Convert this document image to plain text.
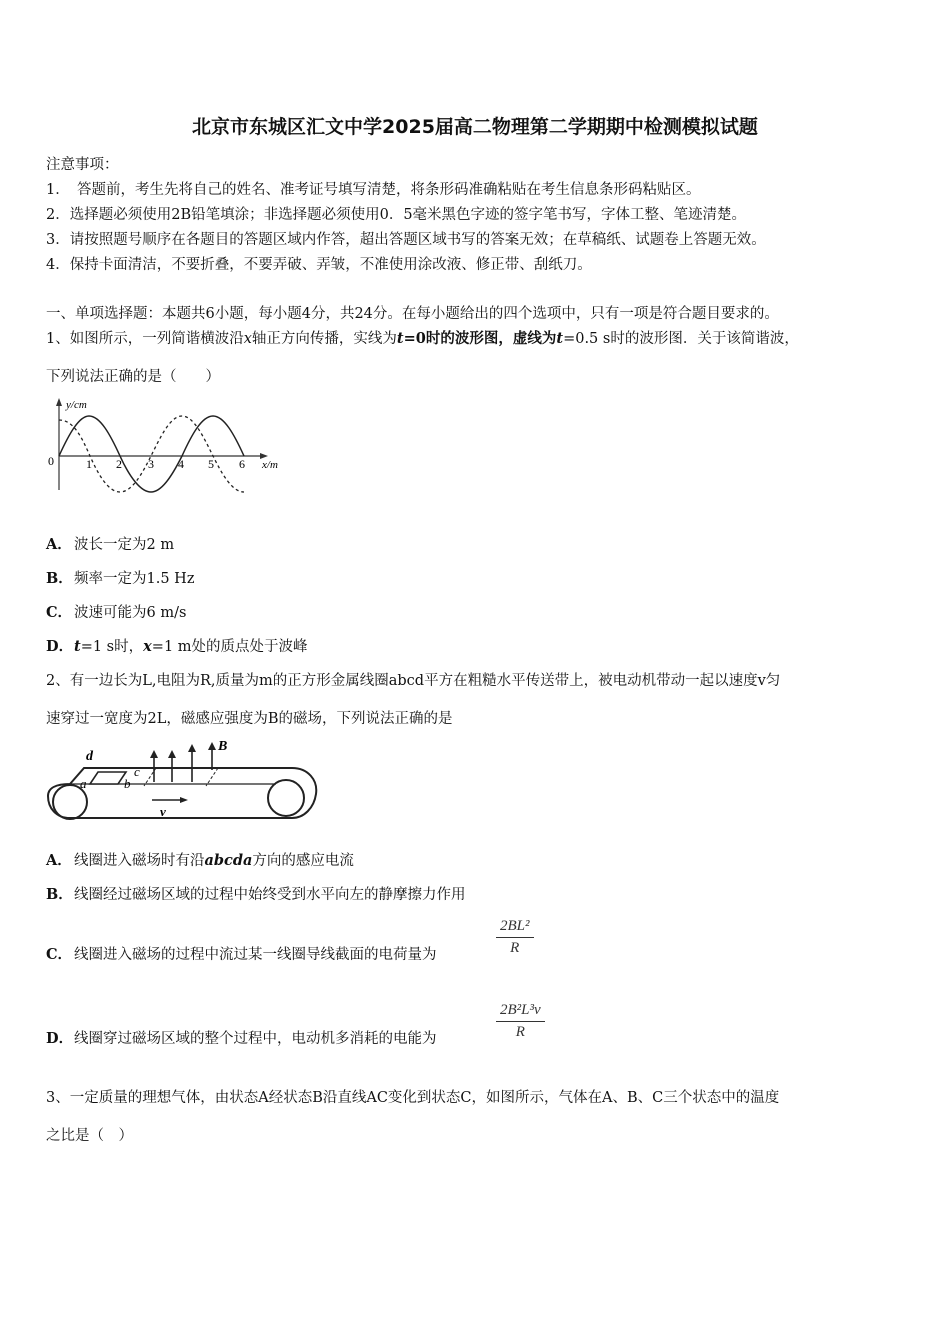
北京市东城区汇文中学2025届高二物理第二学期期中检测模拟试题
注意事项：
1．　答题前，考生先将自己的姓名、准考证号填写清楚，将条形码准确粘贴在考生信息条形码粘贴区。
2．选择题必须使用2B铅笔填涂；非选择题必须使用0．5毫米黑色字迹的签字笔书写，字体工整、笔迹清楚。
3．请按照题号顺序在各题目的答题区域内作答，超出答题区域书写的答案无效；在草稿纸、试题卷上答题无效。
4．保持卡面清洁，不要折叠，不要弄破、弄皱，不准使用涂改液、修正带、刮纸刀。
一、单项选择题：本题共6小题，每小题4分，共24分。在每小题给出的四个选项中，只有一项是符合题目要求的。
1、如图所示，一列简谐横波沿x轴正方向传播，实线为t=0时的波形图，虚线为t=0.5 s时的波形图．关于该简谐波，
下列说法正确的是（　　）
0
y/cm
x/m
1 2 3 4 5 6
A． 波长一定为2 m
B．频率一定为1.5 Hz
C． 波速可能为6 m/s
D．t=1 s时，x=1 m处的质点处于波峰
2、有一边长为L,电阻为R,质量为m的正方形金属线圈abcd平方在粗糙水平传送带上，被电动机带动一起以速度v匀
速穿过一宽度为2L，磁感应强度为B的磁场，下列说法正确的是
d
a
c
b
B
v
A． 线圈进入磁场时有沿abcda方向的感应电流
B．线圈经过磁场区域的过程中始终受到水平向左的静摩擦力作用
C． 线圈进入磁场的过程中流过某一线圈导线截面的电荷量为	$\frac{\text{2BL²}}{R}$
D．线圈穿过磁场区域的整个过程中，电动机多消耗的电能为	$\frac{\text{2B²L³v}}{R}$
3、一定质量的理想气体，由状态A经状态B沿直线AC变化到状态C，如图所示，气体在A、B、C三个状态中的温度
之比是（　）
